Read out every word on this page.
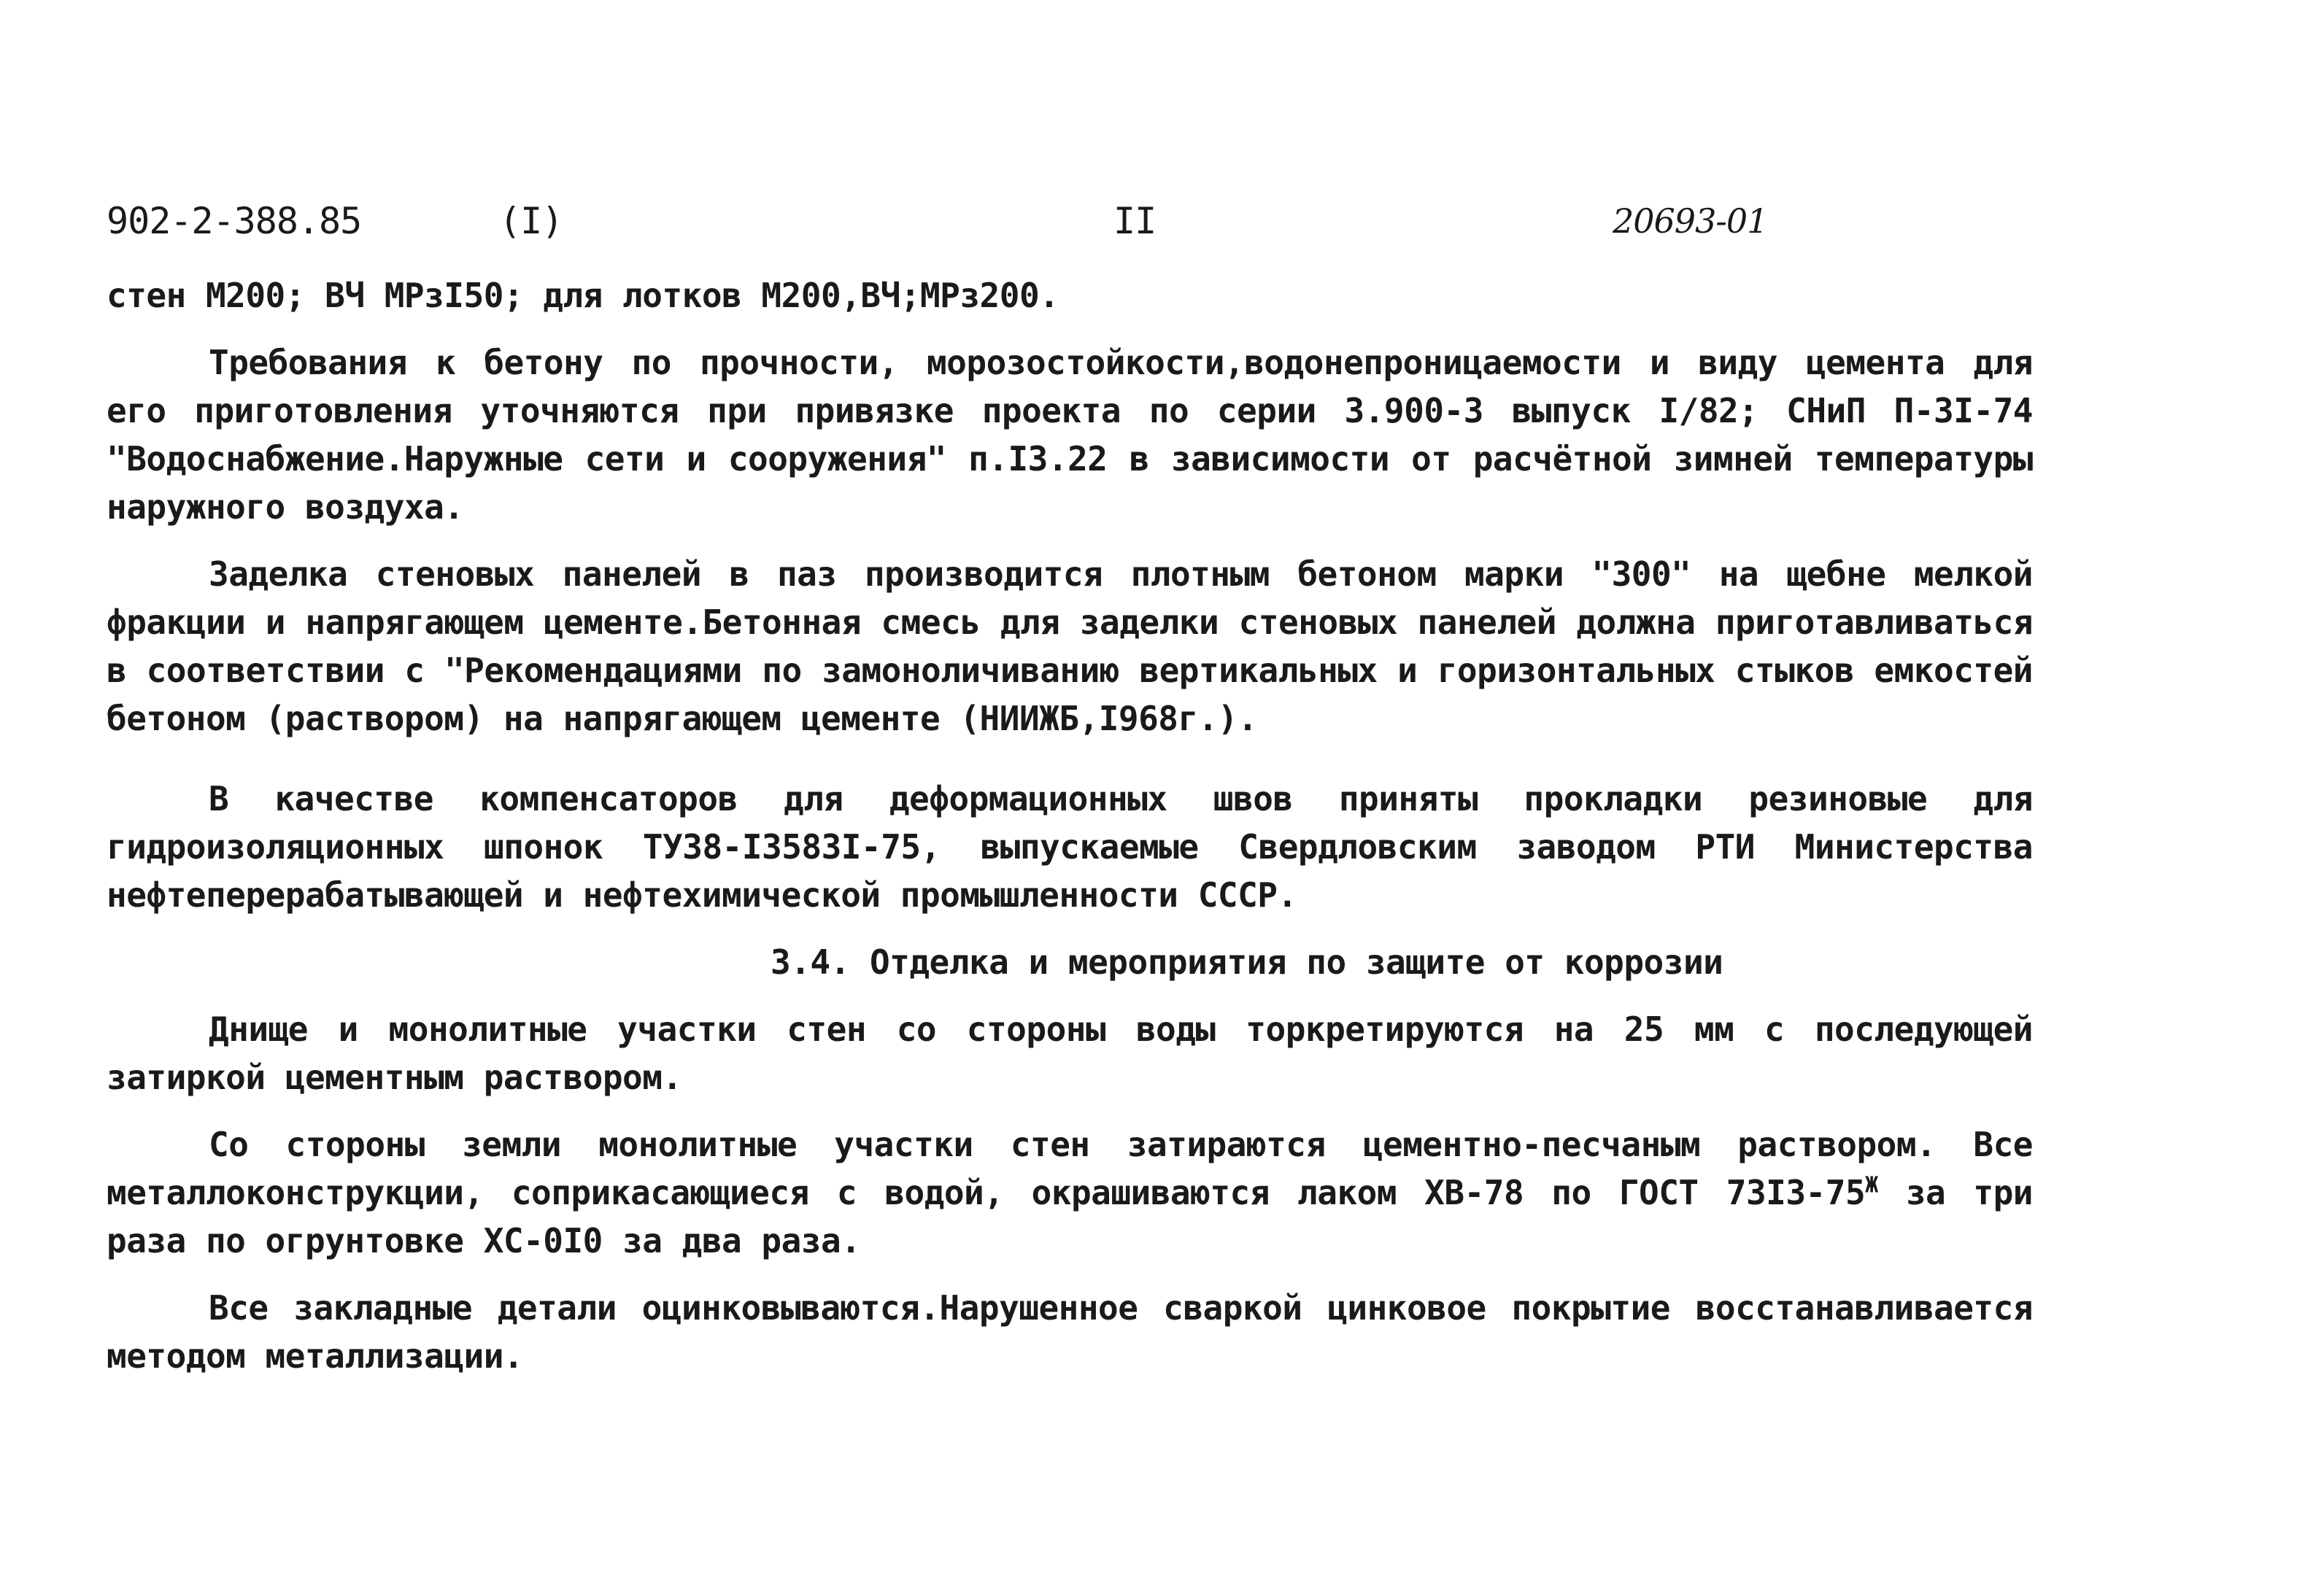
902-2-388.85	(I)	II	20693-01

стен М200; ВЧ МРзI50; для лотков М200,ВЧ;МРз200.

Требования к бетону по прочности, морозостойкости,водонепроницаемости и виду цемента для его приготовления уточняются при привязке проекта по серии 3.900-3 выпуск I/82; СНиП П-3I-74 "Водоснабжение.Наружные сети и сооружения" п.I3.22 в зависимости от расчётной зимней температуры наружного воздуха.

Заделка стеновых панелей в паз производится плотным бетоном марки "300" на щебне мелкой фракции и напрягающем цементе.Бетонная смесь для заделки стеновых панелей должна приготавливаться в соответствии с "Рекомендациями по замоноличиванию вертикальных и горизонтальных стыков емкостей бетоном (раствором) на напрягающем цементе (НИИЖБ,I968г.).

В качестве компенсаторов для деформационных швов приняты прокладки резиновые для гидроизоляционных шпонок ТУ38-I3583I-75, выпускаемые Свердловским заводом РТИ Министерства нефтеперерабатывающей и нефтехимической промышленности СССР.

3.4. Отделка и мероприятия по защите от коррозии

Днище и монолитные участки стен со стороны воды торкретируются на 25 мм с последующей затиркой цементным раствором.

Со стороны земли монолитные участки стен затираются цементно-песчаным раствором. Все металлоконструкции, соприкасающиеся с водой, окрашиваются лаком ХВ-78 по ГОСТ $73I3-75^Ж$ за три раза по огрунтовке ХС-0I0 за два раза.

Все закладные детали оцинковываются.Нарушенное сваркой цинковое покрытие восстанавливается методом металлизации.
